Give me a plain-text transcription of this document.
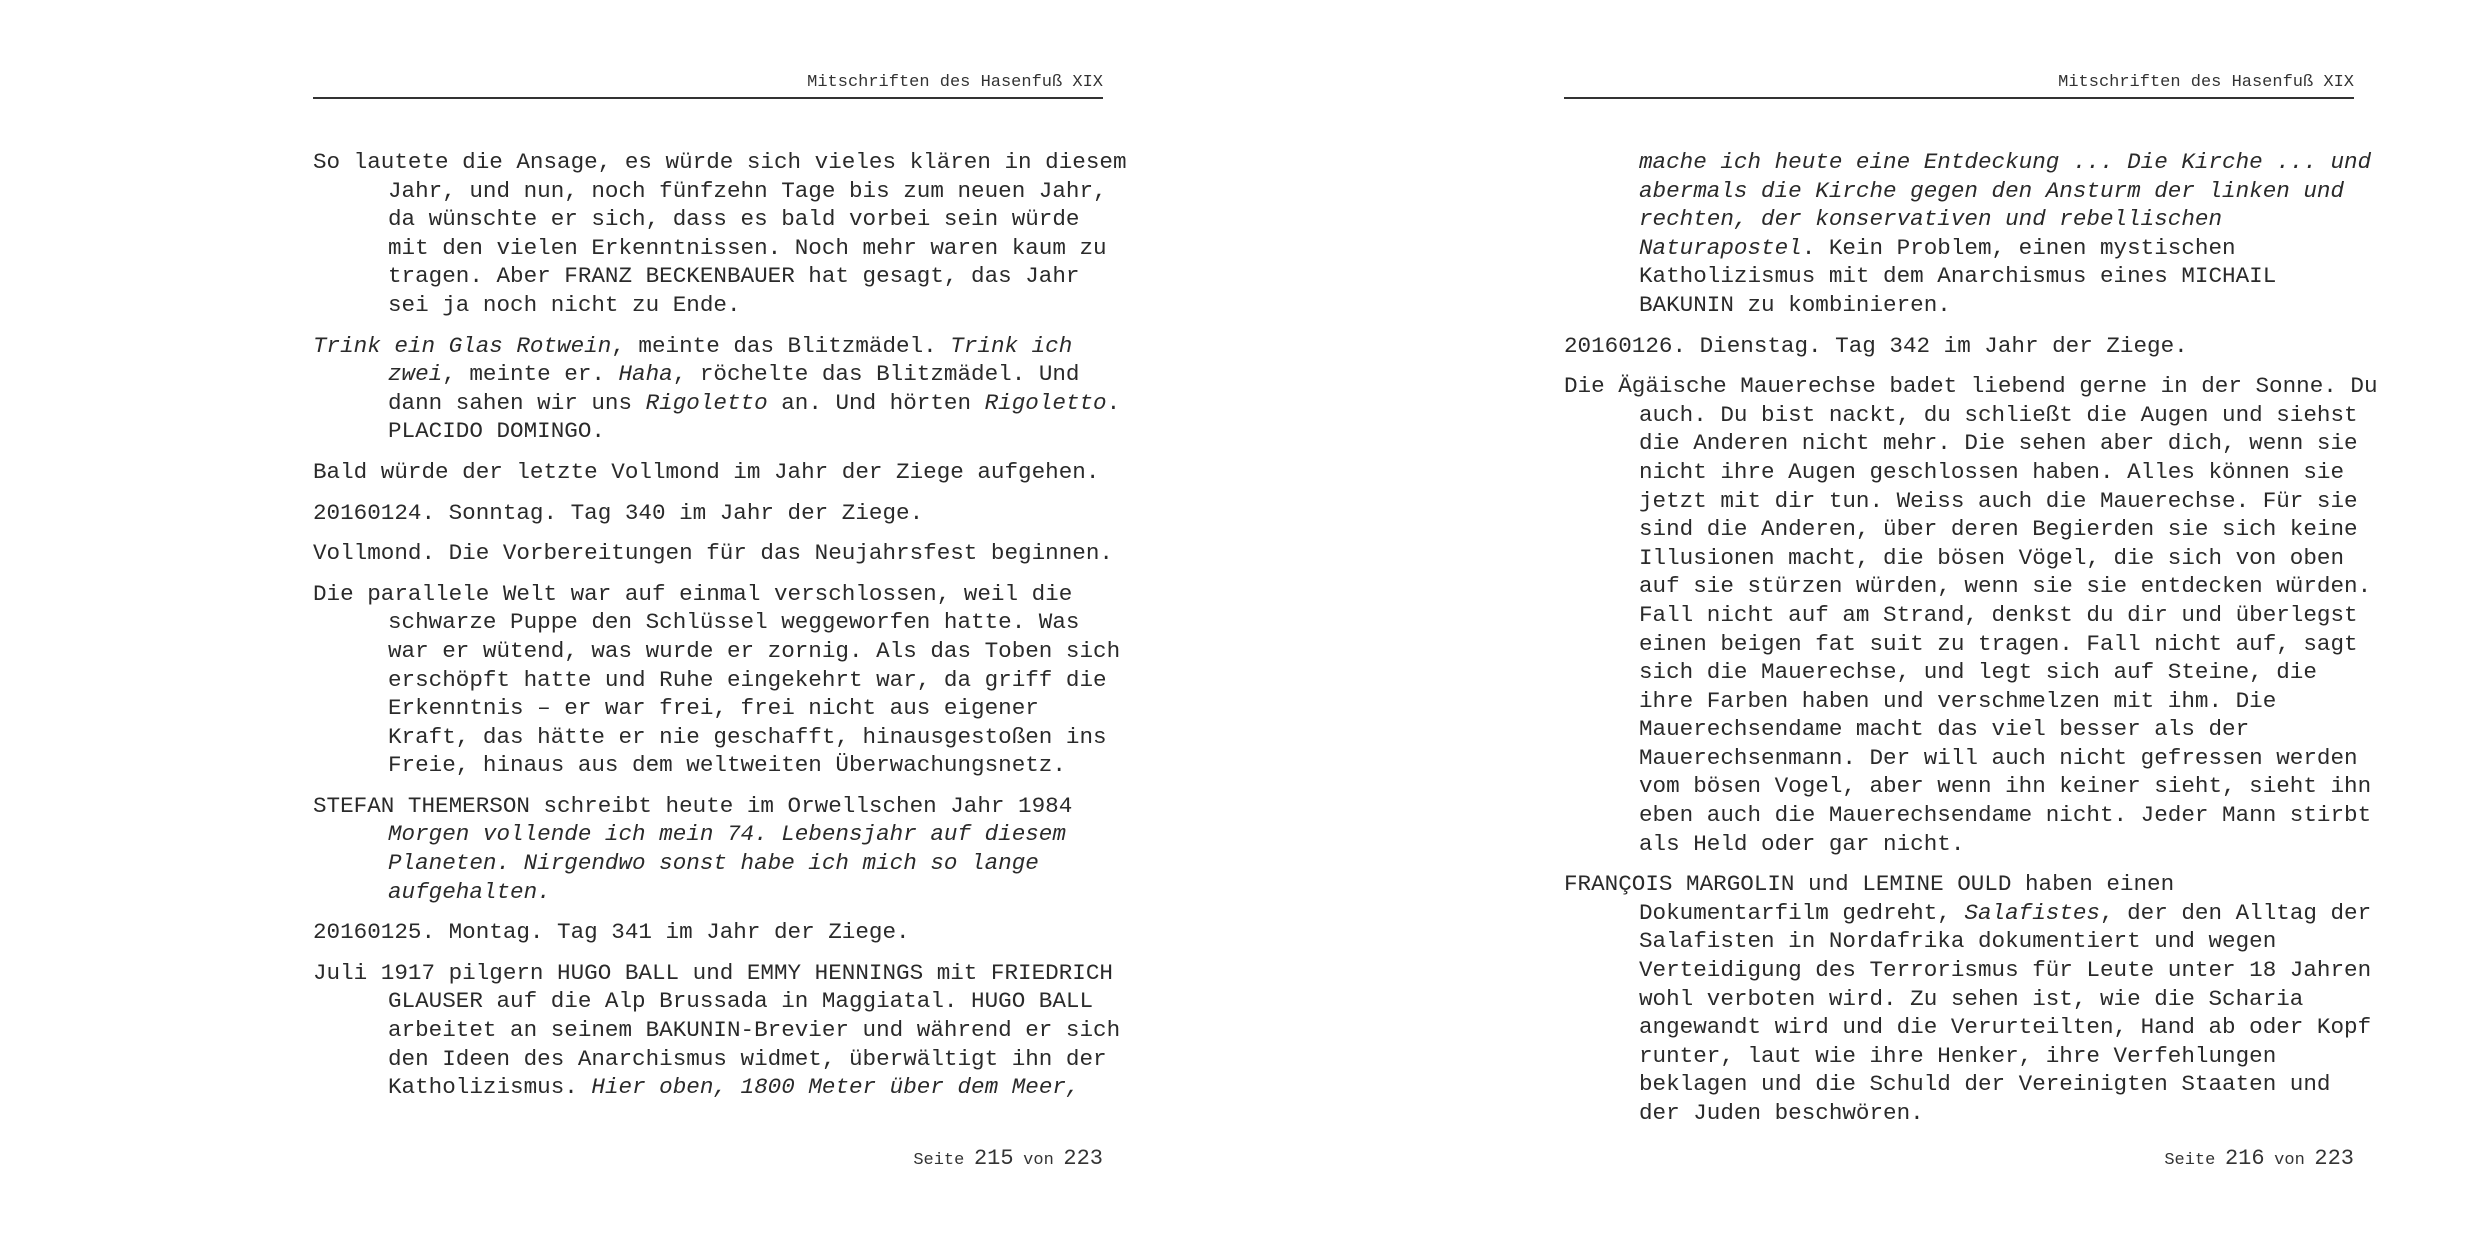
Mitschriften des Hasenfuß XIX

So lautete die Ansage, es würde sich vieles klären in diesem
Jahr, und nun, noch fünfzehn Tage bis zum neuen Jahr,
da wünschte er sich, dass es bald vorbei sein würde
mit den vielen Erkenntnissen. Noch mehr waren kaum zu
tragen. Aber FRANZ BECKENBAUER hat gesagt, das Jahr
sei ja noch nicht zu Ende.

Trink ein Glas Rotwein, meinte das Blitzmädel. Trink ich
zwei, meinte er. Haha, röchelte das Blitzmädel. Und
dann sahen wir uns Rigoletto an. Und hörten Rigoletto.
PLACIDO DOMINGO.

Bald würde der letzte Vollmond im Jahr der Ziege aufgehen.

20160124. Sonntag. Tag 340 im Jahr der Ziege.

Vollmond. Die Vorbereitungen für das Neujahrsfest beginnen.

Die parallele Welt war auf einmal verschlossen, weil die
schwarze Puppe den Schlüssel weggeworfen hatte. Was
war er wütend, was wurde er zornig. Als das Toben sich
erschöpft hatte und Ruhe eingekehrt war, da griff die
Erkenntnis – er war frei, frei nicht aus eigener
Kraft, das hätte er nie geschafft, hinausgestoßen ins
Freie, hinaus aus dem weltweiten Überwachungsnetz.

STEFAN THEMERSON schreibt heute im Orwellschen Jahr 1984
Morgen vollende ich mein 74. Lebensjahr auf diesem
Planeten. Nirgendwo sonst habe ich mich so lange
aufgehalten.

20160125. Montag. Tag 341 im Jahr der Ziege.

Juli 1917 pilgern HUGO BALL und EMMY HENNINGS mit FRIEDRICH
GLAUSER auf die Alp Brussada in Maggiatal. HUGO BALL
arbeitet an seinem BAKUNIN-Brevier und während er sich
den Ideen des Anarchismus widmet, überwältigt ihn der
Katholizismus. Hier oben, 1800 Meter über dem Meer,

Seite 215 von 223
Mitschriften des Hasenfuß XIX

mache ich heute eine Entdeckung ... Die Kirche ... und
abermals die Kirche gegen den Ansturm der linken und
rechten, der konservativen und rebellischen
Naturapostel. Kein Problem, einen mystischen
Katholizismus mit dem Anarchismus eines MICHAIL
BAKUNIN zu kombinieren.

20160126. Dienstag. Tag 342 im Jahr der Ziege.

Die Ägäische Mauerechse badet liebend gerne in der Sonne. Du
auch. Du bist nackt, du schließt die Augen und siehst
die Anderen nicht mehr. Die sehen aber dich, wenn sie
nicht ihre Augen geschlossen haben. Alles können sie
jetzt mit dir tun. Weiss auch die Mauerechse. Für sie
sind die Anderen, über deren Begierden sie sich keine
Illusionen macht, die bösen Vögel, die sich von oben
auf sie stürzen würden, wenn sie sie entdecken würden.
Fall nicht auf am Strand, denkst du dir und überlegst
einen beigen fat suit zu tragen. Fall nicht auf, sagt
sich die Mauerechse, und legt sich auf Steine, die
ihre Farben haben und verschmelzen mit ihm. Die
Mauerechsendame macht das viel besser als der
Mauerechsenmann. Der will auch nicht gefressen werden
vom bösen Vogel, aber wenn ihn keiner sieht, sieht ihn
eben auch die Mauerechsendame nicht. Jeder Mann stirbt
als Held oder gar nicht.

FRANÇOIS MARGOLIN und LEMINE OULD haben einen
Dokumentarfilm gedreht, Salafistes, der den Alltag der
Salafisten in Nordafrika dokumentiert und wegen
Verteidigung des Terrorismus für Leute unter 18 Jahren
wohl verboten wird. Zu sehen ist, wie die Scharia
angewandt wird und die Verurteilten, Hand ab oder Kopf
runter, laut wie ihre Henker, ihre Verfehlungen
beklagen und die Schuld der Vereinigten Staaten und
der Juden beschwören.

Seite 216 von 223
